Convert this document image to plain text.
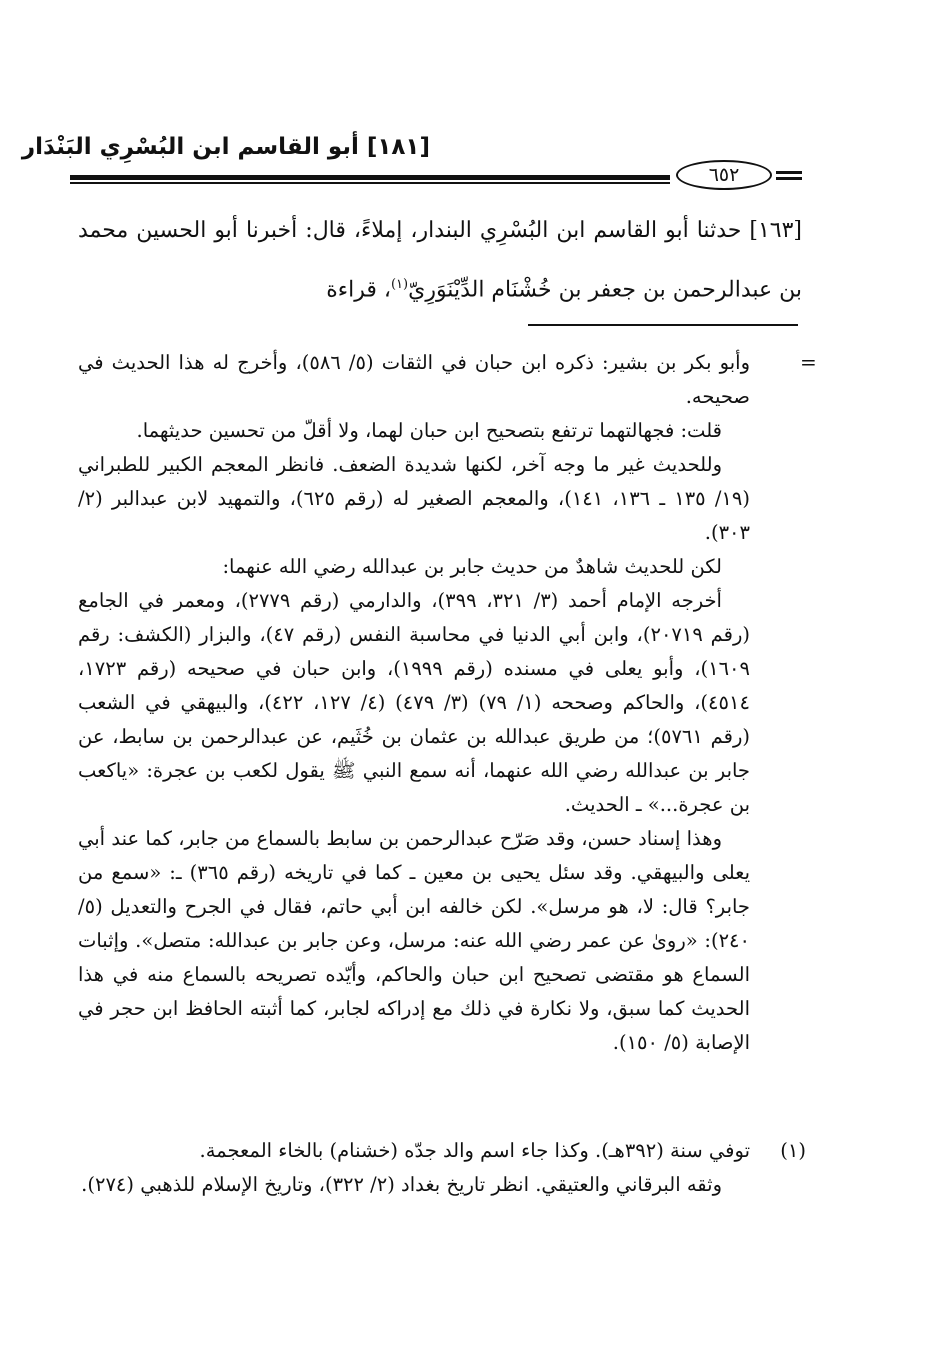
[١٨١] أبو القاسم ابن البُسْرِي البَنْدَار
٦٥٢
[١٦٣] حدثنا أبو القاسم ابن البُسْرِي البندار، إملاءً، قال: أخبرنا أبو الحسين محمد بن عبدالرحمن بن جعفر بن خُشْنَام الدِّيْنَوَرِيّ$^{(١)}$، قراءة
=

وأبو بكر بن بشير: ذكره ابن حبان في الثقات (٥/ ٥٨٦)، وأخرج له هذا الحديث في صحيحه.

قلت: فجهالتهما ترتفع بتصحيح ابن حبان لهما، ولا أقلّ من تحسين حديثهما.

وللحديث غير ما وجه آخر، لكنها شديدة الضعف. فانظر المعجم الكبير للطبراني (١٩/ ١٣٥ ـ ١٣٦، ١٤١)، والمعجم الصغير له (رقم ٦٢٥)، والتمهيد لابن عبدالبر (٢/ ٣٠٣).

لكن للحديث شاهدٌ من حديث جابر بن عبدالله رضي الله عنهما:

أخرجه الإمام أحمد (٣/ ٣٢١، ٣٩٩)، والدارمي (رقم ٢٧٧٩)، ومعمر في الجامع (رقم ٢٠٧١٩)، وابن أبي الدنيا في محاسبة النفس (رقم ٤٧)، والبزار (الكشف: رقم ١٦٠٩)، وأبو يعلى في مسنده (رقم ١٩٩٩)، وابن حبان في صحيحه (رقم ١٧٢٣، ٤٥١٤)، والحاكم وصححه (١/ ٧٩) (٣/ ٤٧٩) (٤/ ١٢٧، ٤٢٢)، والبيهقي في الشعب (رقم ٥٧٦١)؛ من طريق عبدالله بن عثمان بن خُثَيم، عن عبدالرحمن بن سابط، عن جابر بن عبدالله رضي الله عنهما، أنه سمع النبي ﷺ يقول لكعب بن عجرة: «ياكعب بن عجرة...» ـ الحديث.

وهذا إسناد حسن، وقد صَرّح عبدالرحمن بن سابط بالسماع من جابر، كما عند أبي يعلى والبيهقي. وقد سئل يحيى بن معين ـ كما في تاريخه (رقم ٣٦٥) ـ: «سمع من جابر؟ قال: لا، هو مرسل». لكن خالفه ابن أبي حاتم، فقال في الجرح والتعديل (٥/ ٢٤٠): «روىٰ عن عمر رضي الله عنه: مرسل، وعن جابر بن عبدالله: متصل». وإثبات السماع هو مقتضى تصحيح ابن حبان والحاكم، وأيّده تصريحه بالسماع منه في هذا الحديث كما سبق، ولا نكارة في ذلك مع إدراكه لجابر، كما أثبته الحافظ ابن حجر في الإصابة (٥/ ١٥٠).

(١)

توفي سنة (٣٩٢هـ). وكذا جاء اسم والد جدّه (خشنام) بالخاء المعجمة.

وثقه البرقاني والعتيقي. انظر تاريخ بغداد (٢/ ٣٢٢)، وتاريخ الإسلام للذهبي (٢٧٤).
